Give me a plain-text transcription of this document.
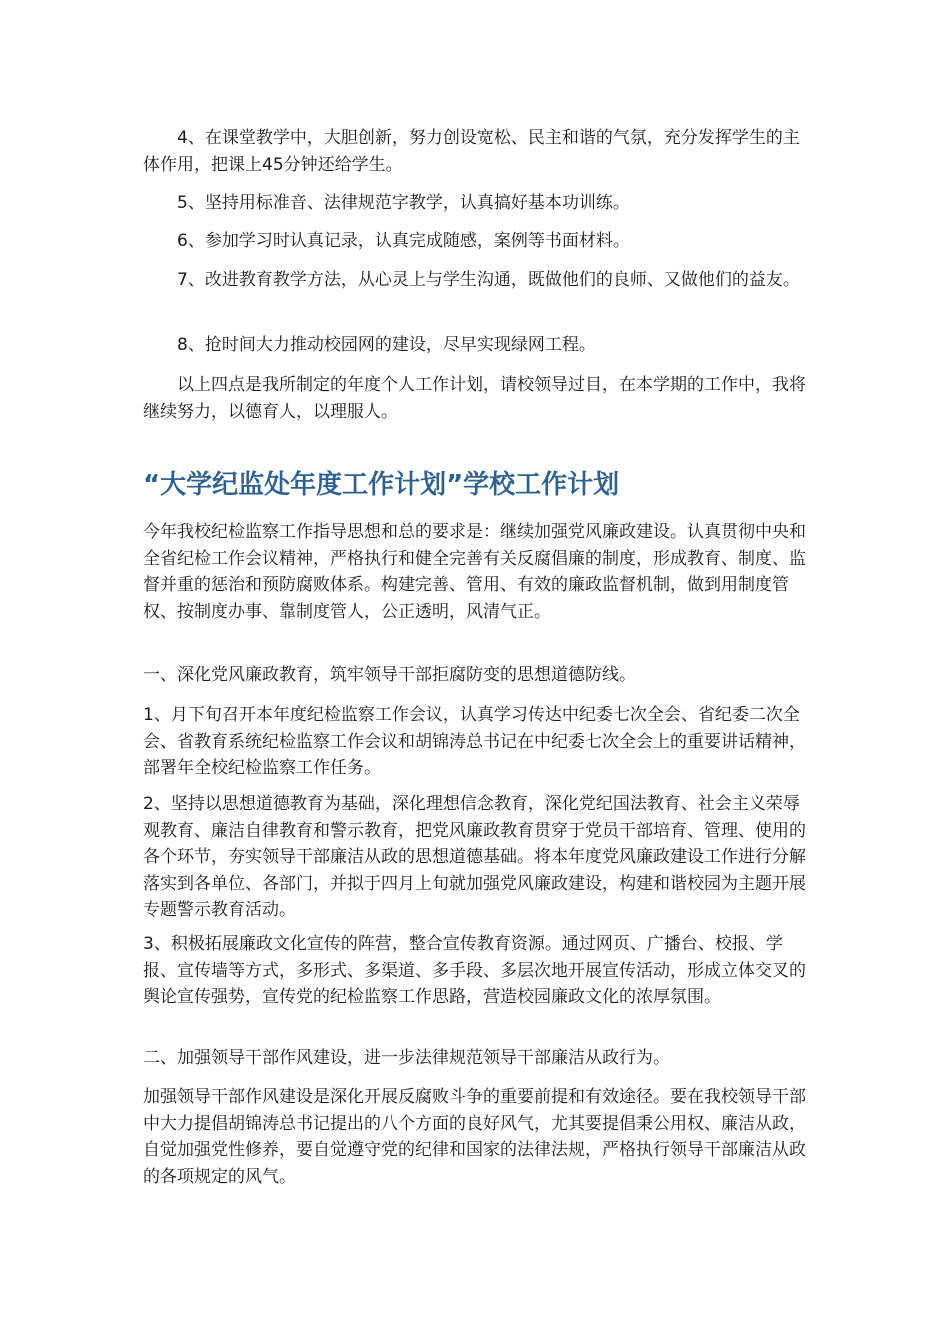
4、在课堂教学中，大胆创新，努力创设宽松、民主和谐的气氛，充分发挥学生的主体作用，把课上45分钟还给学生。

5、坚持用标准音、法律规范字教学，认真搞好基本功训练。

6、参加学习时认真记录，认真完成随感，案例等书面材料。

7、改进教育教学方法，从心灵上与学生沟通，既做他们的良师、又做他们的益友。

8、抢时间大力推动校园网的建设，尽早实现绿网工程。

以上四点是我所制定的年度个人工作计划，请校领导过目，在本学期的工作中，我将继续努力，以德育人，以理服人。

“大学纪监处年度工作计划”学校工作计划

今年我校纪检监察工作指导思想和总的要求是：继续加强党风廉政建设。认真贯彻中央和全省纪检工作会议精神，严格执行和健全完善有关反腐倡廉的制度，形成教育、制度、监督并重的惩治和预防腐败体系。构建完善、管用、有效的廉政监督机制，做到用制度管权、按制度办事、靠制度管人，公正透明，风清气正。

一、深化党风廉政教育，筑牢领导干部拒腐防变的思想道德防线。

1、月下旬召开本年度纪检监察工作会议，认真学习传达中纪委七次全会、省纪委二次全会、省教育系统纪检监察工作会议和胡锦涛总书记在中纪委七次全会上的重要讲话精神，部署年全校纪检监察工作任务。

2、坚持以思想道德教育为基础，深化理想信念教育，深化党纪国法教育、社会主义荣辱观教育、廉洁自律教育和警示教育，把党风廉政教育贯穿于党员干部培育、管理、使用的各个环节，夯实领导干部廉洁从政的思想道德基础。将本年度党风廉政建设工作进行分解落实到各单位、各部门，并拟于四月上旬就加强党风廉政建设，构建和谐校园为主题开展专题警示教育活动。

3、积极拓展廉政文化宣传的阵营，整合宣传教育资源。通过网页、广播台、校报、学报、宣传墙等方式，多形式、多渠道、多手段、多层次地开展宣传活动，形成立体交叉的舆论宣传强势，宣传党的纪检监察工作思路，营造校园廉政文化的浓厚氛围。

二、加强领导干部作风建设，进一步法律规范领导干部廉洁从政行为。

加强领导干部作风建设是深化开展反腐败斗争的重要前提和有效途径。要在我校领导干部中大力提倡胡锦涛总书记提出的八个方面的良好风气，尤其要提倡秉公用权、廉洁从政，自觉加强党性修养，要自觉遵守党的纪律和国家的法律法规，严格执行领导干部廉洁从政的各项规定的风气。
